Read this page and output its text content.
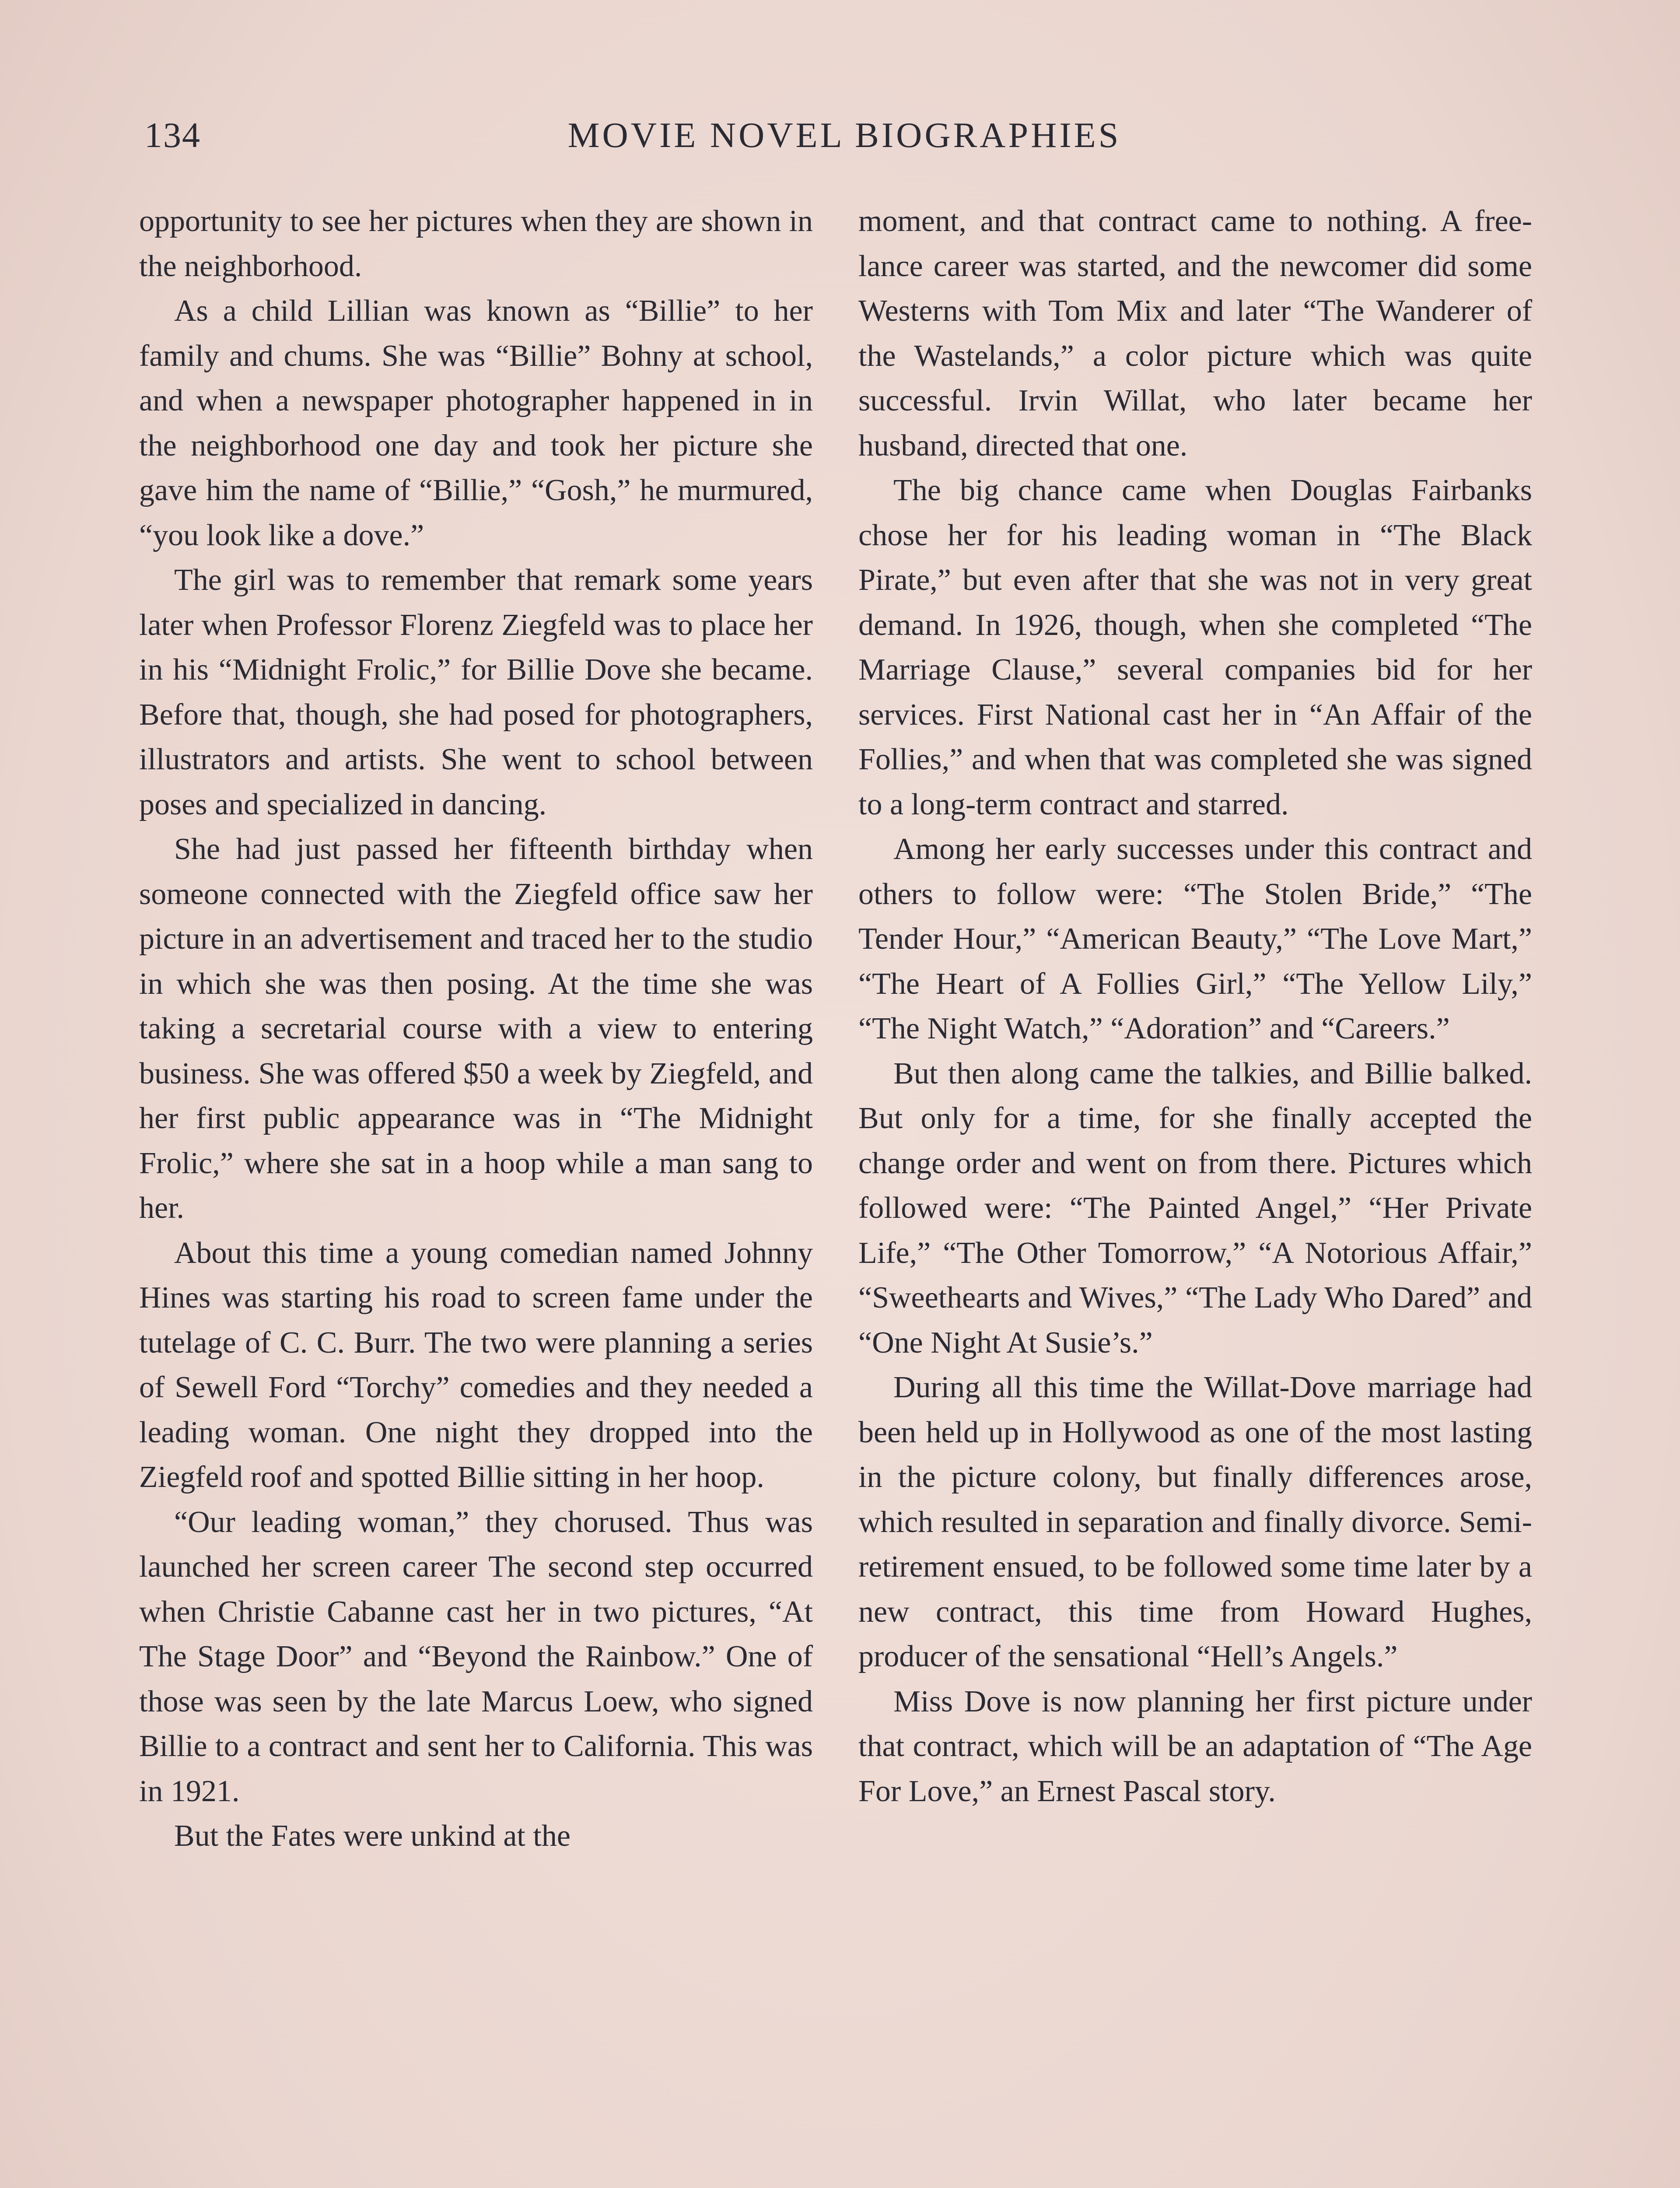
134	MOVIE NOVEL BIOGRAPHIES

opportunity to see her pictures when they are shown in the neighborhood.

As a child Lillian was known as “Billie” to her family and chums. She was “Billie” Bohny at school, and when a newspaper photographer happened in in the neighborhood one day and took her picture she gave him the name of “Billie,” “Gosh,” he murmured, “you look like a dove.”

The girl was to remember that remark some years later when Professor Florenz Ziegfeld was to place her in his “Midnight Frolic,” for Billie Dove she became. Before that, though, she had posed for photographers, illustrators and artists. She went to school between poses and specialized in dancing.

She had just passed her fifteenth birthday when someone connected with the Ziegfeld office saw her picture in an advertisement and traced her to the studio in which she was then posing. At the time she was taking a secretarial course with a view to entering business. She was offered $50 a week by Ziegfeld, and her first public appearance was in “The Midnight Frolic,” where she sat in a hoop while a man sang to her.

About this time a young comedian named Johnny Hines was starting his road to screen fame under the tutelage of C. C. Burr. The two were planning a series of Sewell Ford “Torchy” comedies and they needed a leading woman. One night they dropped into the Ziegfeld roof and spotted Billie sitting in her hoop.

“Our leading woman,” they chorused. Thus was launched her screen career The second step occurred when Christie Cabanne cast her in two pictures, “At The Stage Door” and “Beyond the Rainbow.” One of those was seen by the late Marcus Loew, who signed Billie to a contract and sent her to California. This was in 1921.

But the Fates were unkind at the

moment, and that contract came to nothing. A free-lance career was started, and the newcomer did some Westerns with Tom Mix and later “The Wanderer of the Wastelands,” a color picture which was quite successful. Irvin Willat, who later became her husband, directed that one.

The big chance came when Douglas Fairbanks chose her for his leading woman in “The Black Pirate,” but even after that she was not in very great demand. In 1926, though, when she completed “The Marriage Clause,” several companies bid for her services. First National cast her in “An Affair of the Follies,” and when that was completed she was signed to a long-term contract and starred.

Among her early successes under this contract and others to follow were: “The Stolen Bride,” “The Tender Hour,” “American Beauty,” “The Love Mart,” “The Heart of A Follies Girl,” “The Yellow Lily,” “The Night Watch,” “Adoration” and “Careers.”

But then along came the talkies, and Billie balked. But only for a time, for she finally accepted the change order and went on from there. Pictures which followed were: “The Painted Angel,” “Her Private Life,” “The Other Tomorrow,” “A Notorious Affair,” “Sweethearts and Wives,” “The Lady Who Dared” and “One Night At Susie’s.”

During all this time the Willat-Dove marriage had been held up in Hollywood as one of the most lasting in the picture colony, but finally differences arose, which resulted in separation and finally divorce. Semi-retirement ensued, to be followed some time later by a new contract, this time from Howard Hughes, producer of the sensational “Hell’s Angels.”

Miss Dove is now planning her first picture under that contract, which will be an adaptation of “The Age For Love,” an Ernest Pascal story.
